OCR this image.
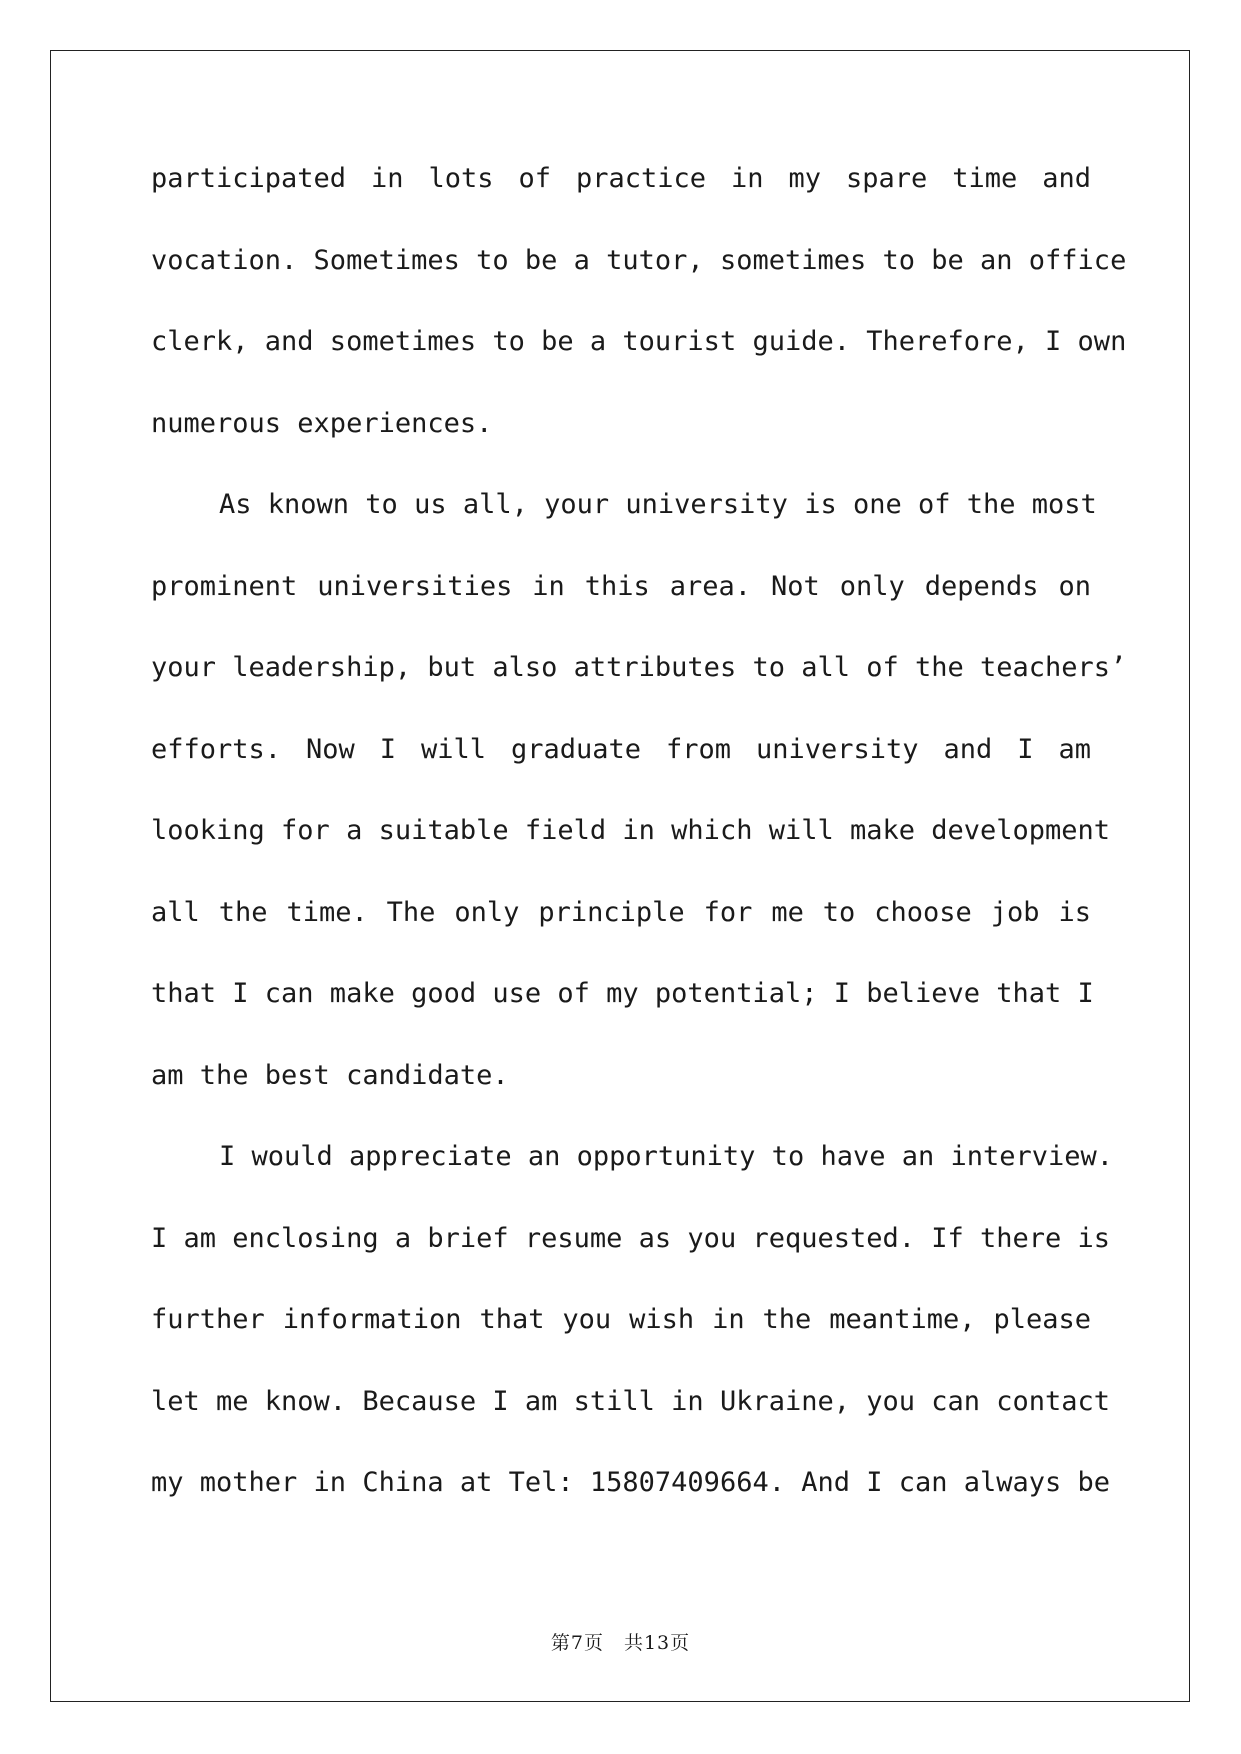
participated in lots of practice in my spare time and
vocation. Sometimes to be a tutor, sometimes to be an office
clerk, and sometimes to be a tourist guide. Therefore, I own
numerous experiences.
As known to us all, your university is one of the most
prominent universities in this area. Not only depends on
your leadership, but also attributes to all of the teachers’
efforts. Now I will graduate from university and I am
looking for a suitable field in which will make development
all the time. The only principle for me to choose job is
that I can make good use of my potential; I believe that I
am the best candidate.
I would appreciate an opportunity to have an interview.
I am enclosing a brief resume as you requested. If there is
further information that you wish in the meantime, please
let me know. Because I am still in Ukraine, you can contact
my mother in China at Tel: 15807409664. And I can always be
第7页　共13页
